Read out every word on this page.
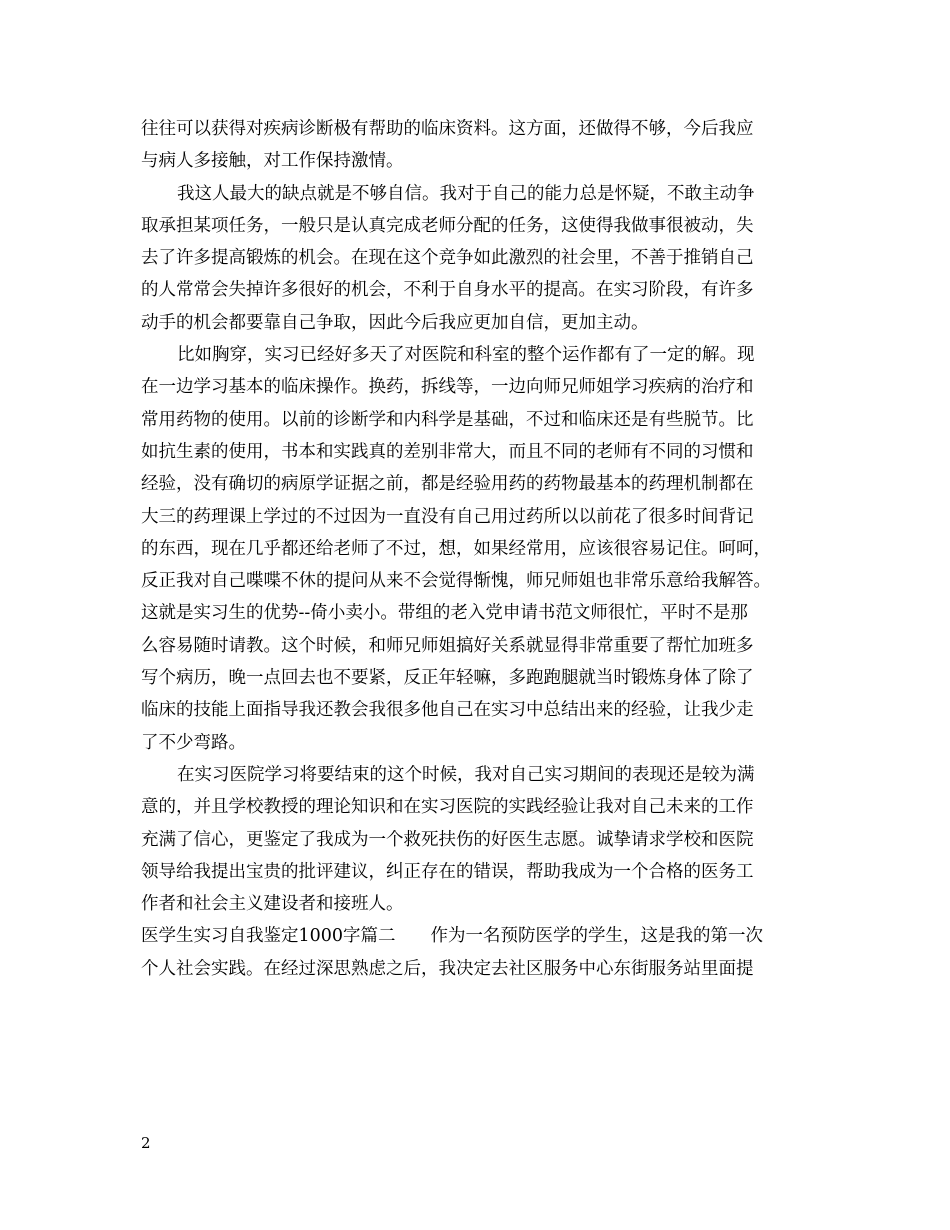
往往可以获得对疾病诊断极有帮助的临床资料。这方面，还做得不够，今后我应
与病人多接触，对工作保持激情。
我这人最大的缺点就是不够自信。我对于自己的能力总是怀疑，不敢主动争
取承担某项任务，一般只是认真完成老师分配的任务，这使得我做事很被动，失
去了许多提高锻炼的机会。在现在这个竞争如此激烈的社会里，不善于推销自己
的人常常会失掉许多很好的机会，不利于自身水平的提高。在实习阶段，有许多
动手的机会都要靠自己争取，因此今后我应更加自信，更加主动。
比如胸穿，实习已经好多天了对医院和科室的整个运作都有了一定的解。现
在一边学习基本的临床操作。换药，拆线等，一边向师兄师姐学习疾病的治疗和
常用药物的使用。以前的诊断学和内科学是基础，不过和临床还是有些脱节。比
如抗生素的使用，书本和实践真的差别非常大，而且不同的老师有不同的习惯和
经验，没有确切的病原学证据之前，都是经验用药的药物最基本的药理机制都在
大三的药理课上学过的不过因为一直没有自己用过药所以以前花了很多时间背记
的东西，现在几乎都还给老师了不过，想，如果经常用，应该很容易记住。呵呵，
反正我对自己喋喋不休的提问从来不会觉得惭愧，师兄师姐也非常乐意给我解答。
这就是实习生的优势--倚小卖小。带组的老入党申请书范文师很忙，平时不是那
么容易随时请教。这个时候，和师兄师姐搞好关系就显得非常重要了帮忙加班多
写个病历，晚一点回去也不要紧，反正年轻嘛，多跑跑腿就当时锻炼身体了除了
临床的技能上面指导我还教会我很多他自己在实习中总结出来的经验，让我少走
了不少弯路。
在实习医院学习将要结束的这个时候，我对自己实习期间的表现还是较为满
意的，并且学校教授的理论知识和在实习医院的实践经验让我对自己未来的工作
充满了信心，更鉴定了我成为一个救死扶伤的好医生志愿。诚挚请求学校和医院
领导给我提出宝贵的批评建议，纠正存在的错误，帮助我成为一个合格的医务工
作者和社会主义建设者和接班人。
医学生实习自我鉴定1000字篇二　　作为一名预防医学的学生，这是我的第一次
个人社会实践。在经过深思熟虑之后，我决定去社区服务中心东街服务站里面提
2
